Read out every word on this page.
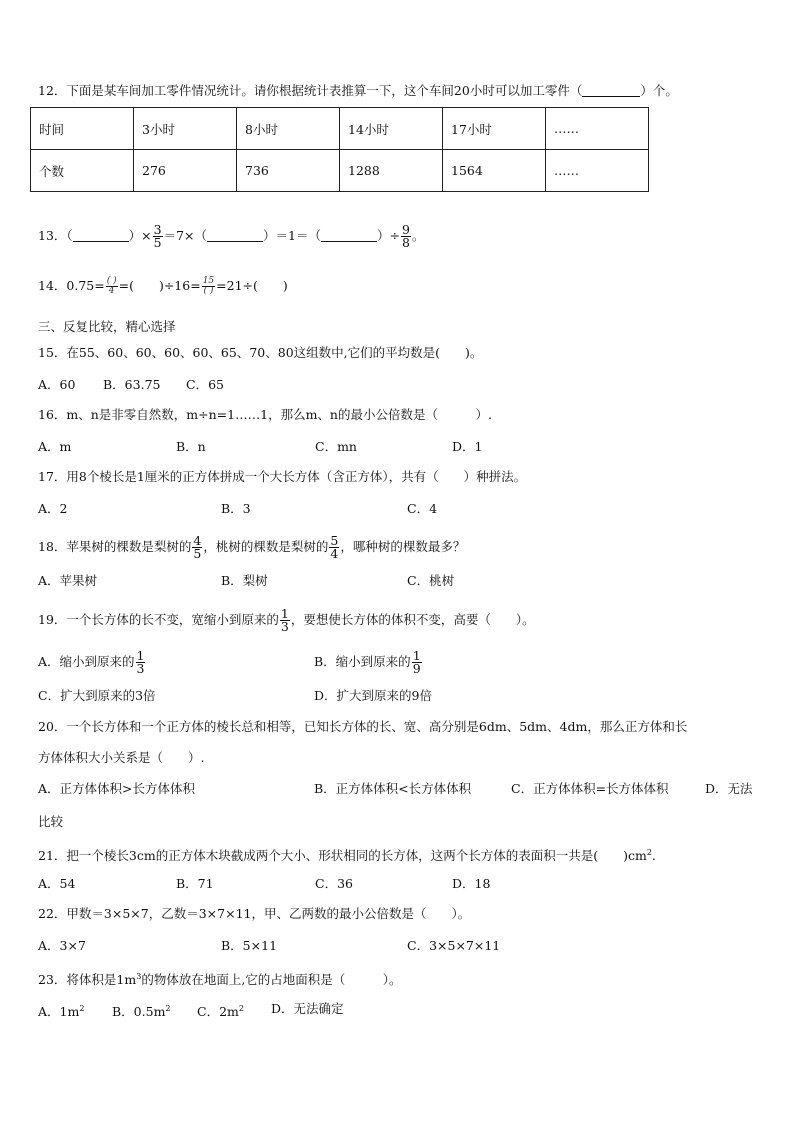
12．下面是某车间加工零件情况统计。请你根据统计表推算一下，这个车间20小时可以加工零件（	）个。
时间	3小时	8小时	14小时	17小时	……
个数	276	736	1288	1564	……
13．（	）× $\frac{3}{5} =7\times$（	）＝1＝（	）÷ $\frac{9}{8}$ 。
14．$0.75= \frac{( )}{4}$ =(　　)$\div 16= \frac{15}{( )} =21\div$(　　)
三、反复比较，精心选择
15．在55、60、60、60、60、65、70、80这组数中,它们的平均数是(　　)。
A．60 B．63.75 C．65
16．m、n是非零自然数，m÷n=1……1，那么m、n的最小公倍数是（　　　）.
A．m	B．n	C．mn	D．1
17．用8个棱长是1厘米的正方体拼成一个大长方体（含正方体），共有（　　）种拼法。
A．2	B．3	C．4
18．苹果树的棵数是梨树的 $\frac{4}{5}$ ，桃树的棵数是梨树的 $\frac{5}{4}$ ，哪种树的棵数最多？
A．苹果树	B．梨树	C．桃树
19．一个长方体的长不变，宽缩小到原来的 $\frac{1}{3}$ ，要想使长方体的体积不变，高要（　　）。
A．缩小到原来的 $\frac{1}{3}$	B．缩小到原来的 $\frac{1}{9}$
C．扩大到原来的3倍	D．扩大到原来的9倍
20．一个长方体和一个正方体的棱长总和相等，已知长方体的长、宽、高分别是6dm、5dm、4dm，那么正方体和长
方体体积大小关系是（　　）.
A．正方体体积>长方体体积	B．正方体体积<长方体体积	C．正方体体积=长方体体积	D．无法
比较
21．把一个棱长3cm的正方体木块截成两个大小、形状相同的长方体，这两个长方体的表面积一共是(　　)$cm^2$.
A．54	B．71	C．36	D．18
22．甲数＝3×5×7，乙数＝3×7×11，甲、乙两数的最小公倍数是（　　）。
A．3×7	B．5×11	C．3×5×7×11
23．将体积是$1m^3$的物体放在地面上,它的占地面积是（　　　）。
A．$1m^2$ B．$0.5m^2$ C．$2m^2$ D．无法确定
